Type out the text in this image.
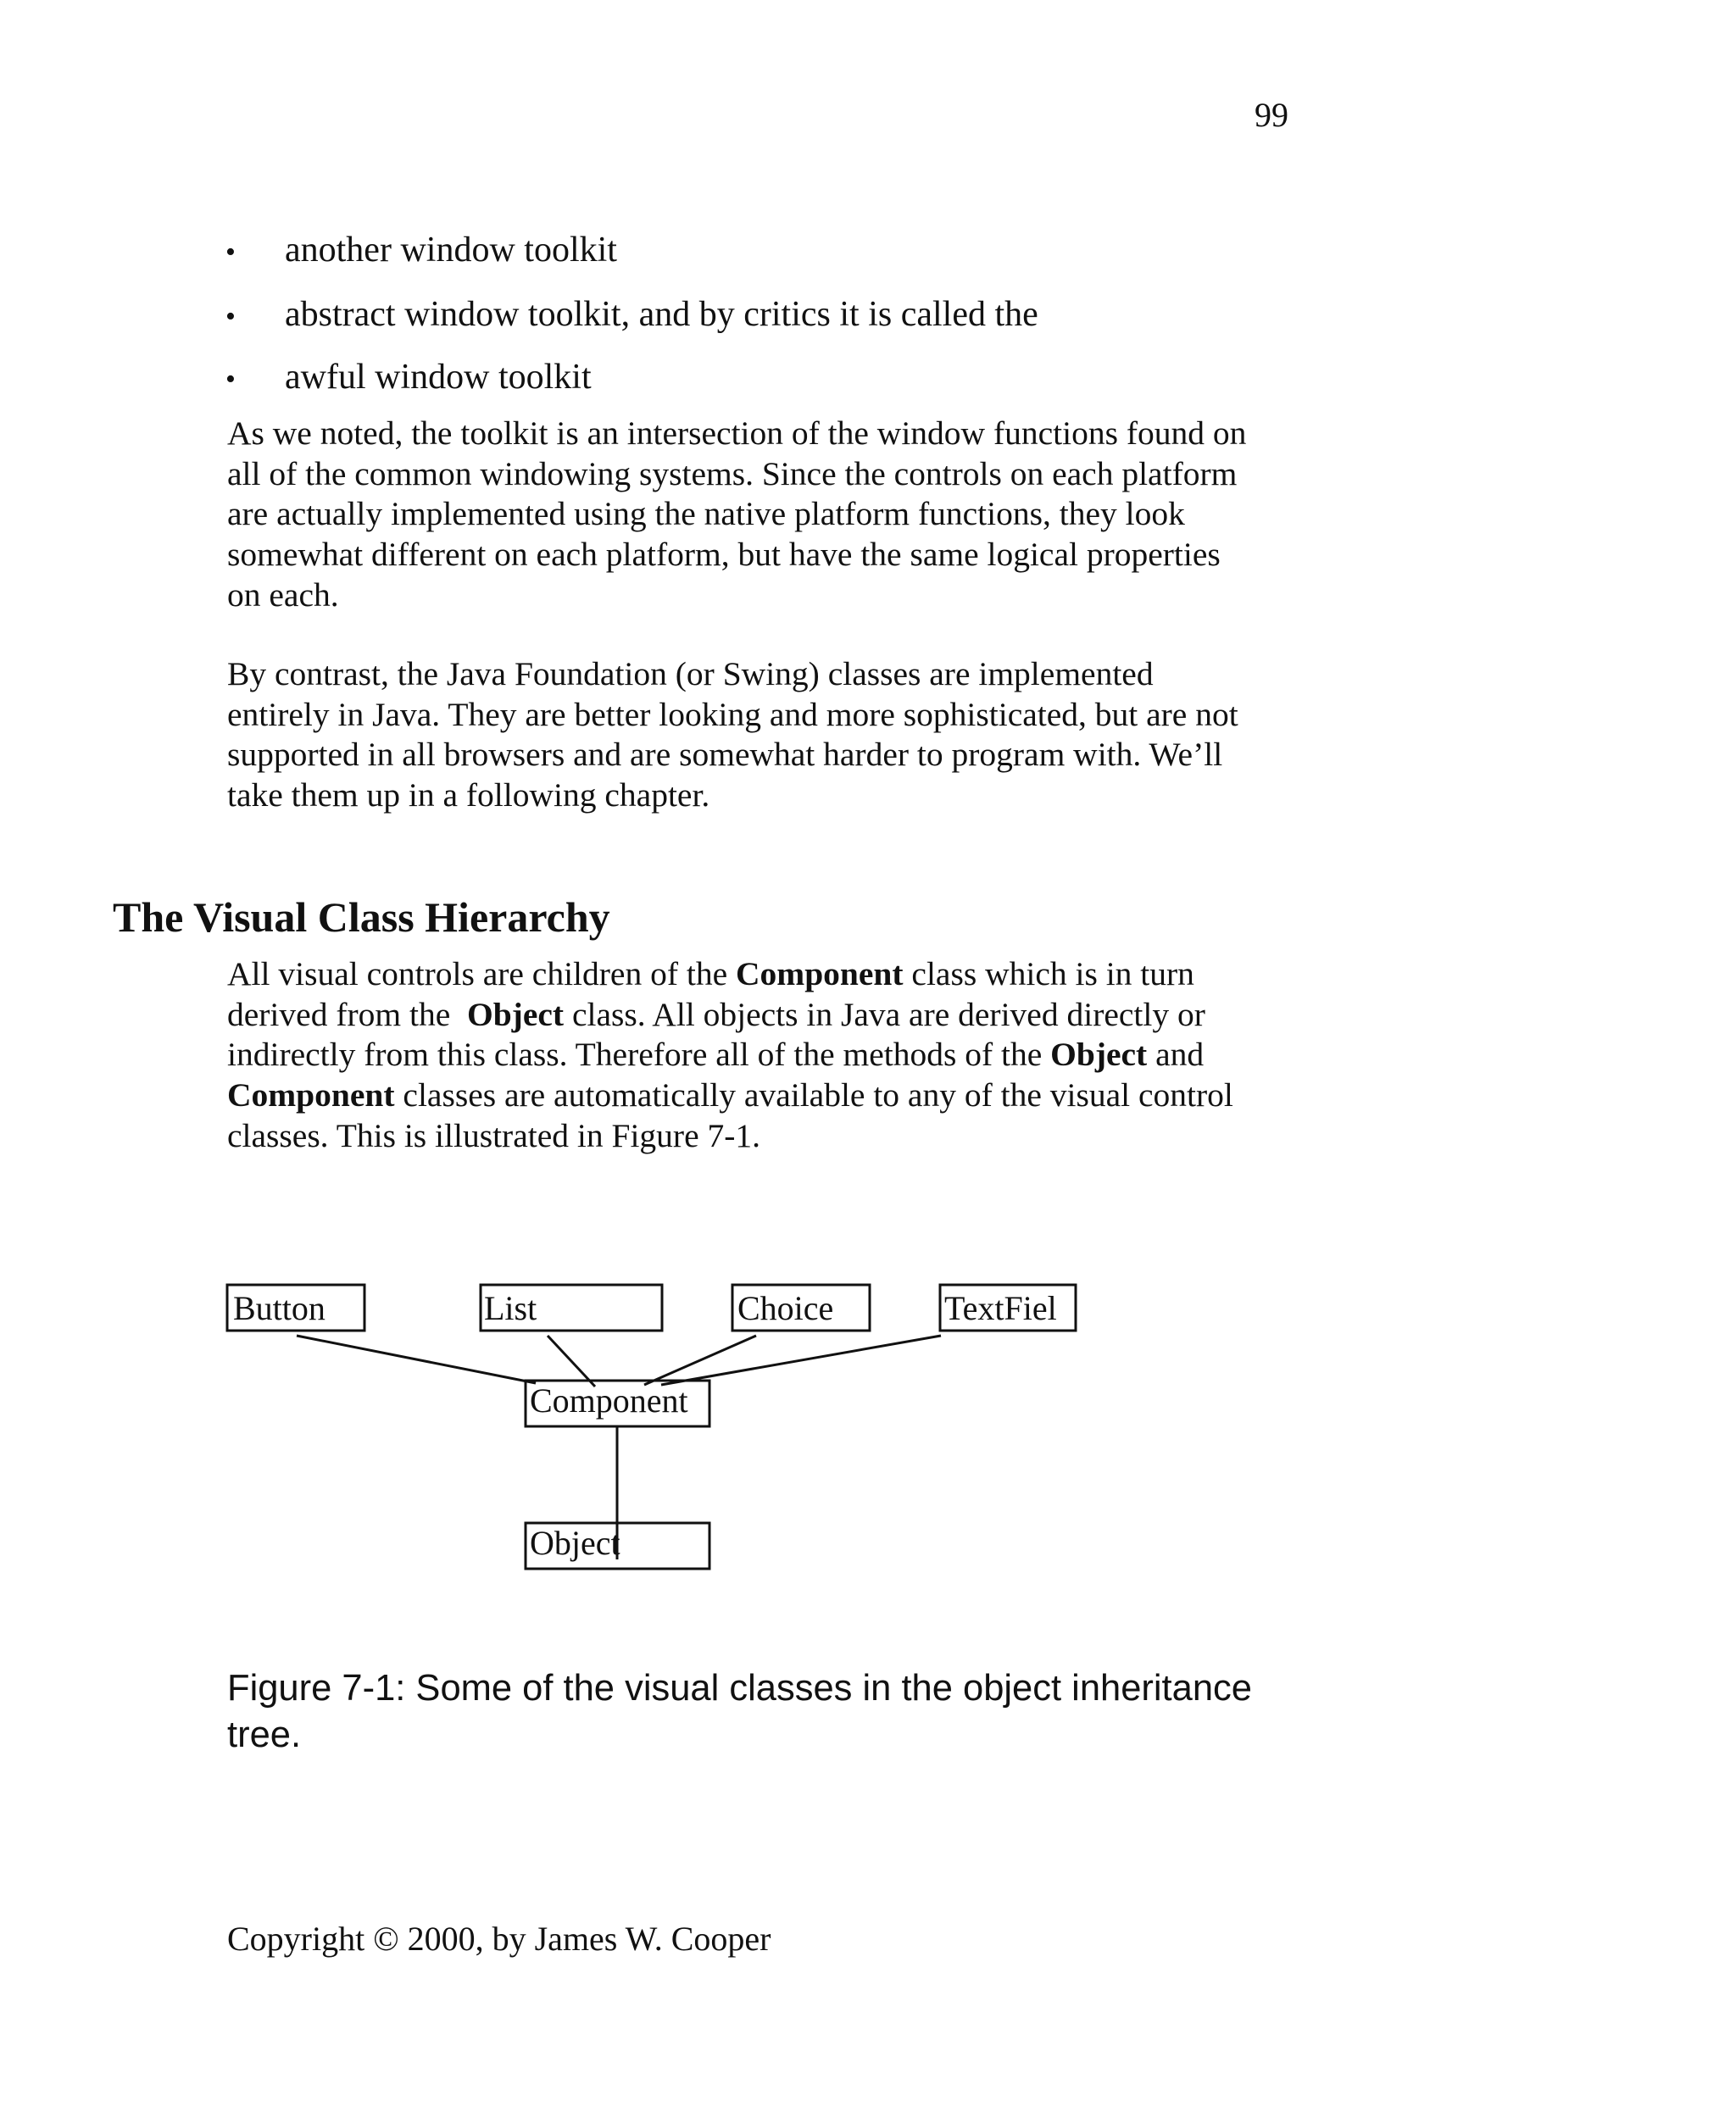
99
• another window toolkit
• abstract window toolkit, and by critics it is called the
• awful window toolkit

As we noted, the toolkit is an intersection of the window functions found on
all of the common windowing systems. Since the controls on each platform
are actually implemented using the native platform functions, they look
somewhat different on each platform, but have the same logical properties
on each.

By contrast, the Java Foundation (or Swing) classes are implemented
entirely in Java. They are better looking and more sophisticated, but are not
supported in all browsers and are somewhat harder to program with. We’ll
take them up in a following chapter.

The Visual Class Hierarchy

All visual controls are children of the Component class which is in turn
derived from the  Object class. All objects in Java are derived directly or
indirectly from this class. Therefore all of the methods of the Object and
Component classes are automatically available to any of the visual control
classes. This is illustrated in Figure 7-1.

Button	List	Choice	TextFiel
Component
Object
Figure 7-1: Some of the visual classes in the object inheritance
tree.
Copyright © 2000, by James W. Cooper
